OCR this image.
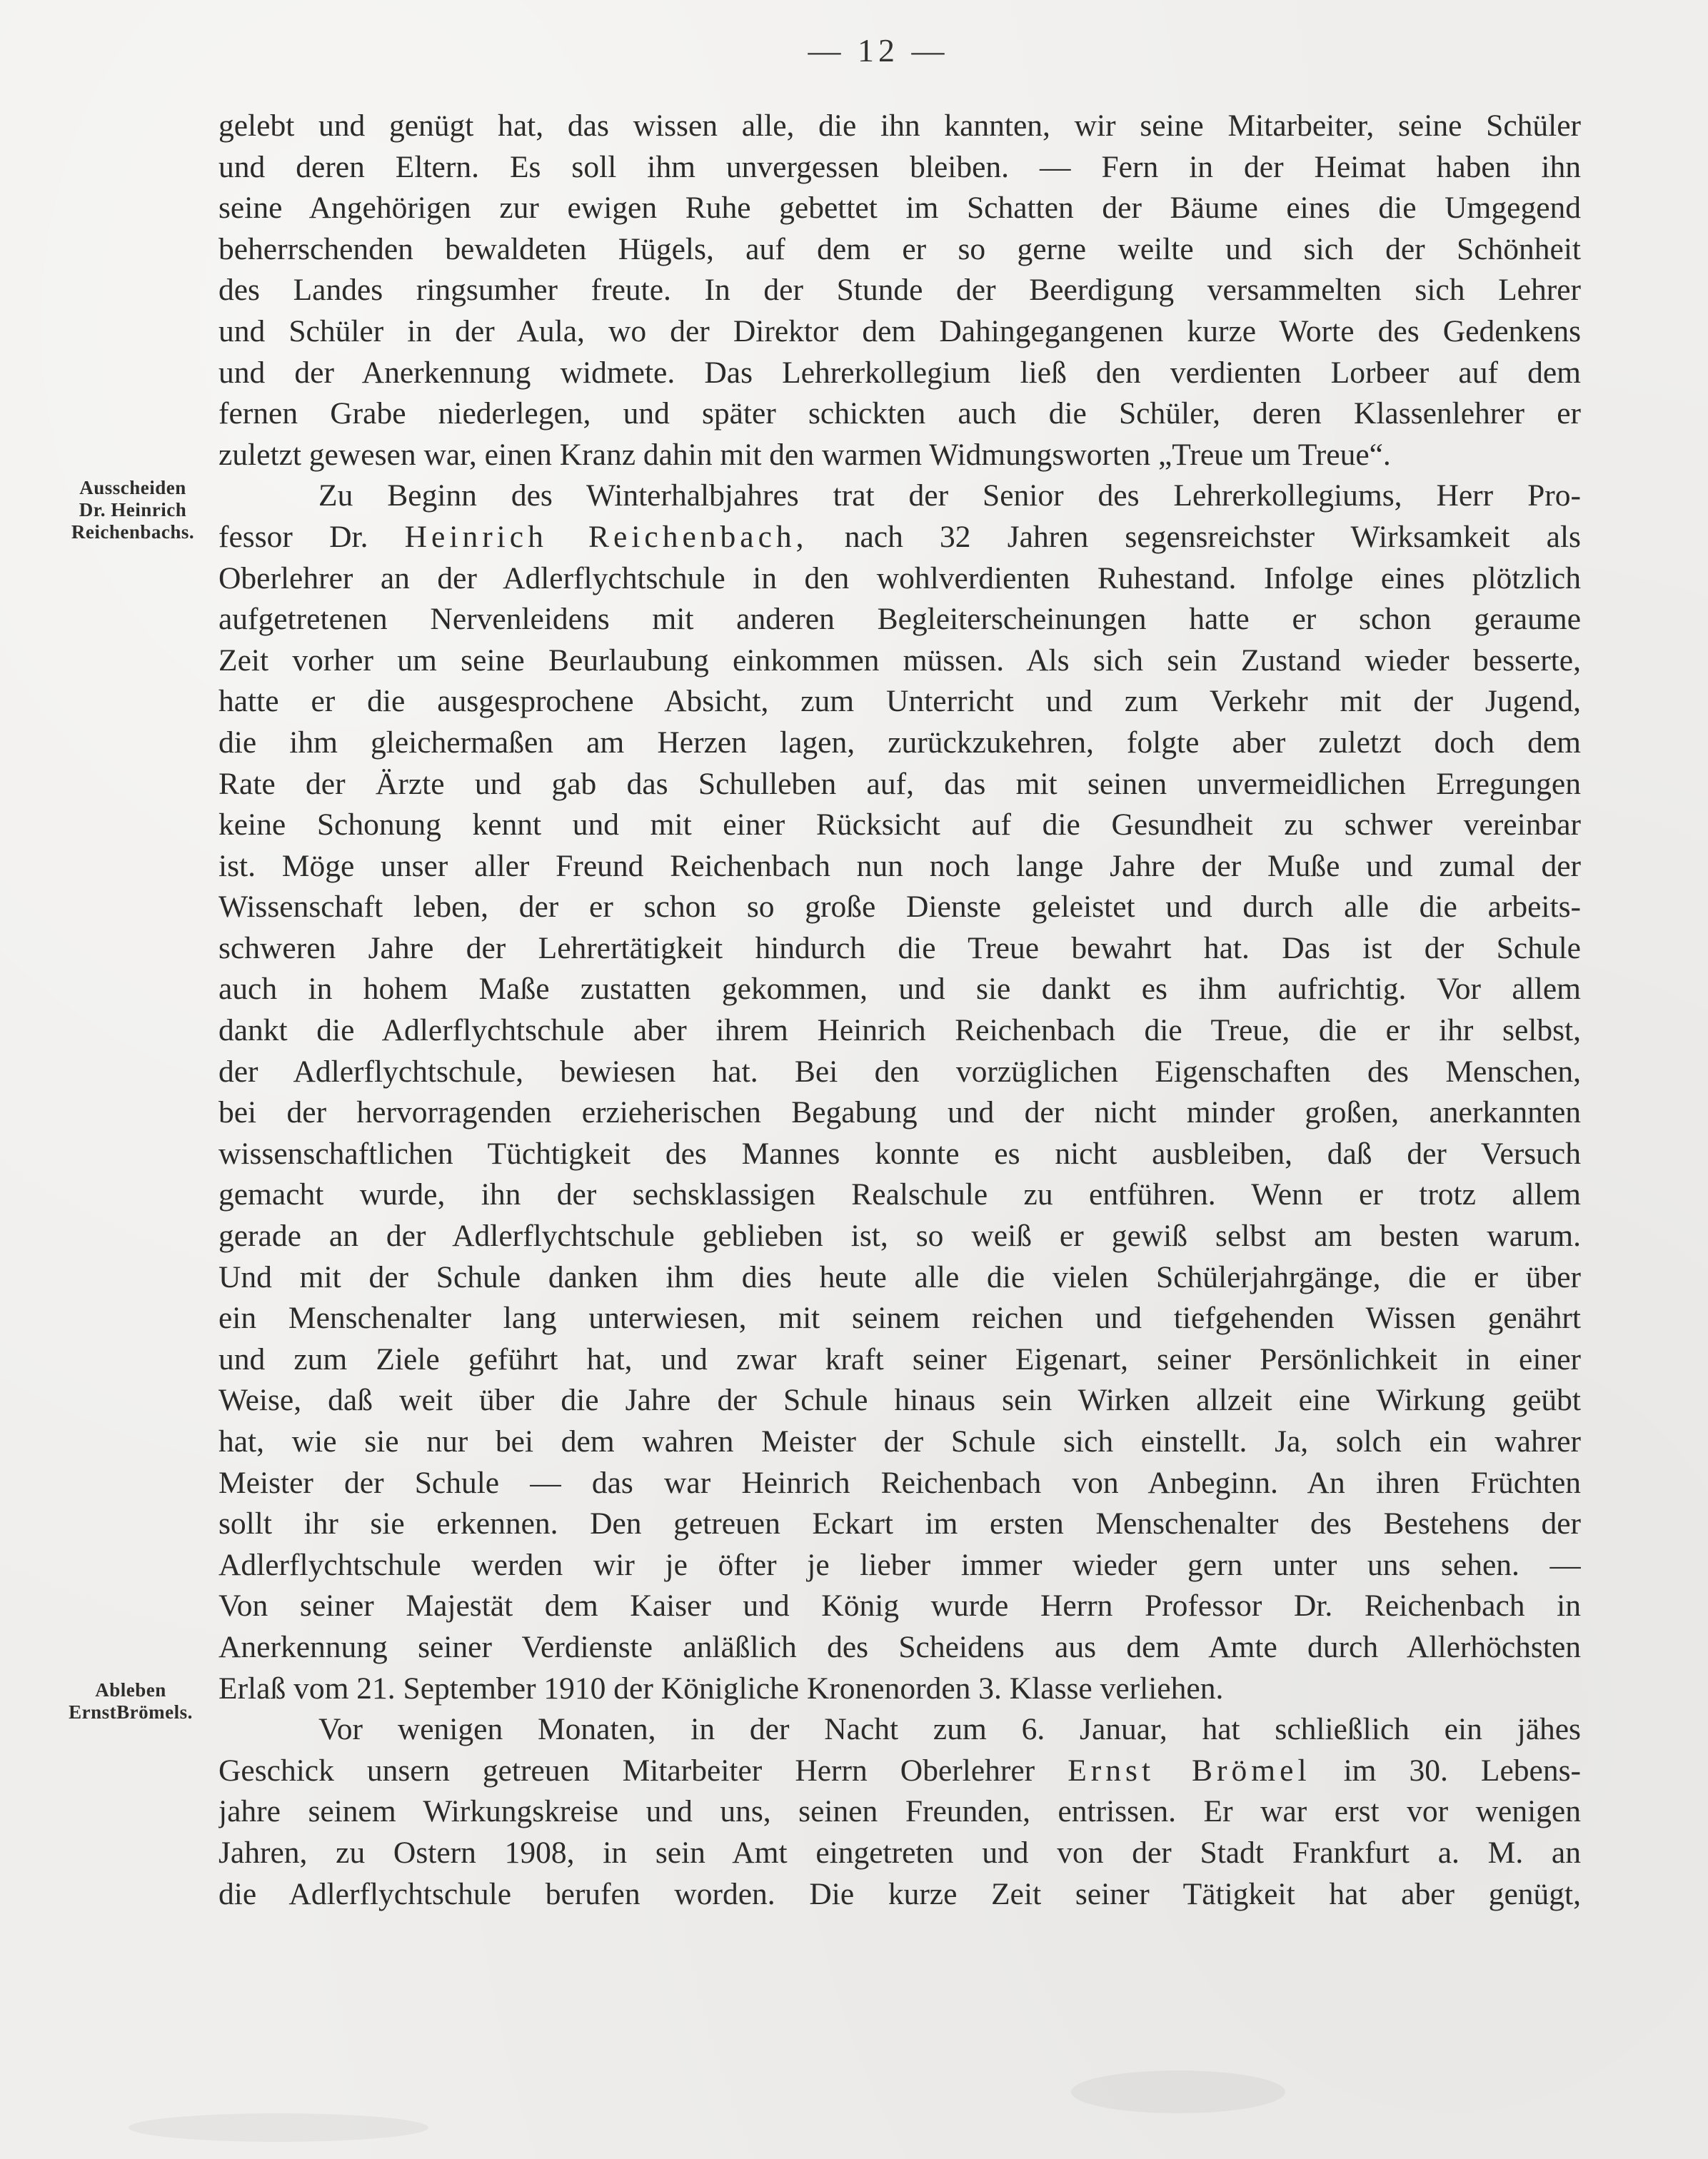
— 12 —
Ausscheiden
Dr. Heinrich
Reichenbachs.
Ableben
ErnstBrömels.
gelebt und genügt hat, das wissen alle, die ihn kannten, wir seine Mitarbeiter, seine Schüler
und deren Eltern. Es soll ihm unvergessen bleiben. — Fern in der Heimat haben ihn
seine Angehörigen zur ewigen Ruhe gebettet im Schatten der Bäume eines die Umgegend
beherrschenden bewaldeten Hügels, auf dem er so gerne weilte und sich der Schönheit
des Landes ringsumher freute. In der Stunde der Beerdigung versammelten sich Lehrer
und Schüler in der Aula, wo der Direktor dem Dahingegangenen kurze Worte des Gedenkens
und der Anerkennung widmete. Das Lehrerkollegium ließ den verdienten Lorbeer auf dem
fernen Grabe niederlegen, und später schickten auch die Schüler, deren Klassenlehrer er
zuletzt gewesen war, einen Kranz dahin mit den warmen Widmungsworten „Treue um Treue“.
Zu Beginn des Winterhalbjahres trat der Senior des Lehrerkollegiums, Herr Pro-
fessor Dr. Heinrich Reichenbach, nach 32 Jahren segensreichster Wirksamkeit als
Oberlehrer an der Adlerflychtschule in den wohlverdienten Ruhestand. Infolge eines plötzlich
aufgetretenen Nervenleidens mit anderen Begleiterscheinungen hatte er schon geraume
Zeit vorher um seine Beurlaubung einkommen müssen. Als sich sein Zustand wieder besserte,
hatte er die ausgesprochene Absicht, zum Unterricht und zum Verkehr mit der Jugend,
die ihm gleichermaßen am Herzen lagen, zurückzukehren, folgte aber zuletzt doch dem
Rate der Ärzte und gab das Schulleben auf, das mit seinen unvermeidlichen Erregungen
keine Schonung kennt und mit einer Rücksicht auf die Gesundheit zu schwer vereinbar
ist. Möge unser aller Freund Reichenbach nun noch lange Jahre der Muße und zumal der
Wissenschaft leben, der er schon so große Dienste geleistet und durch alle die arbeits-
schweren Jahre der Lehrertätigkeit hindurch die Treue bewahrt hat. Das ist der Schule
auch in hohem Maße zustatten gekommen, und sie dankt es ihm aufrichtig. Vor allem
dankt die Adlerflychtschule aber ihrem Heinrich Reichenbach die Treue, die er ihr selbst,
der Adlerflychtschule, bewiesen hat. Bei den vorzüglichen Eigenschaften des Menschen,
bei der hervorragenden erzieherischen Begabung und der nicht minder großen, anerkannten
wissenschaftlichen Tüchtigkeit des Mannes konnte es nicht ausbleiben, daß der Versuch
gemacht wurde, ihn der sechsklassigen Realschule zu entführen. Wenn er trotz allem
gerade an der Adlerflychtschule geblieben ist, so weiß er gewiß selbst am besten warum.
Und mit der Schule danken ihm dies heute alle die vielen Schülerjahrgänge, die er über
ein Menschenalter lang unterwiesen, mit seinem reichen und tiefgehenden Wissen genährt
und zum Ziele geführt hat, und zwar kraft seiner Eigenart, seiner Persönlichkeit in einer
Weise, daß weit über die Jahre der Schule hinaus sein Wirken allzeit eine Wirkung geübt
hat, wie sie nur bei dem wahren Meister der Schule sich einstellt. Ja, solch ein wahrer
Meister der Schule — das war Heinrich Reichenbach von Anbeginn. An ihren Früchten
sollt ihr sie erkennen. Den getreuen Eckart im ersten Menschenalter des Bestehens der
Adlerflychtschule werden wir je öfter je lieber immer wieder gern unter uns sehen. —
Von seiner Majestät dem Kaiser und König wurde Herrn Professor Dr. Reichenbach in
Anerkennung seiner Verdienste anläßlich des Scheidens aus dem Amte durch Allerhöchsten
Erlaß vom 21. September 1910 der Königliche Kronenorden 3. Klasse verliehen.
Vor wenigen Monaten, in der Nacht zum 6. Januar, hat schließlich ein jähes
Geschick unsern getreuen Mitarbeiter Herrn Oberlehrer Ernst Brömel im 30. Lebens-
jahre seinem Wirkungskreise und uns, seinen Freunden, entrissen. Er war erst vor wenigen
Jahren, zu Ostern 1908, in sein Amt eingetreten und von der Stadt Frankfurt a. M. an
die Adlerflychtschule berufen worden. Die kurze Zeit seiner Tätigkeit hat aber genügt,
